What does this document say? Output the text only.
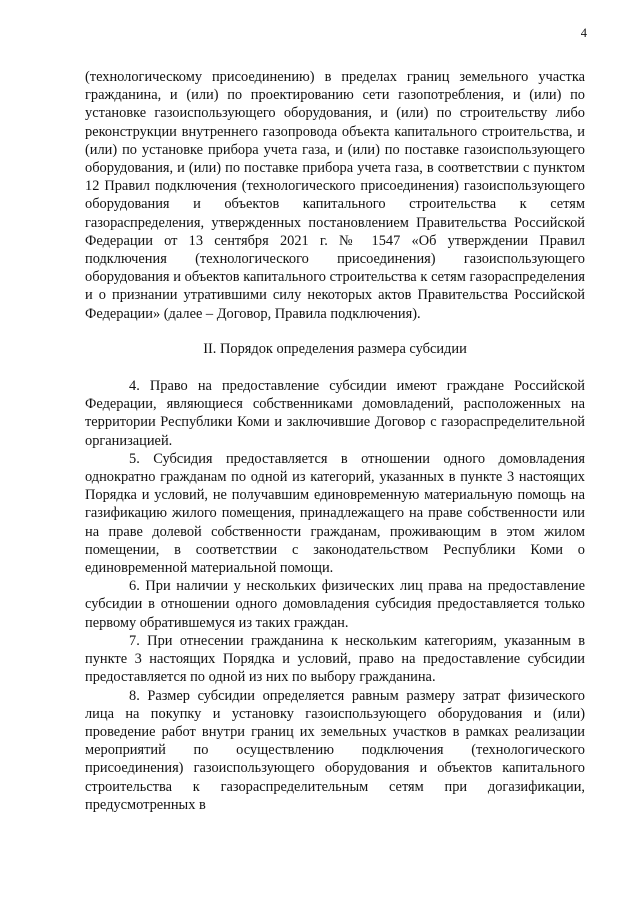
4

(технологическому присоединению) в пределах границ земельного участка гражданина, и (или) по проектированию сети газопотребления, и (или) по установке газоиспользующего оборудования, и (или) по строительству либо реконструкции внутреннего газопровода объекта капитального строительства, и (или) по установке прибора учета газа, и (или) по поставке газоиспользующего оборудования, и (или) по поставке прибора учета газа, в соответствии с пунктом 12 Правил подключения (технологического присоединения) газоиспользующего оборудования и объектов капитального строительства к сетям газораспределения, утвержденных постановлением Правительства Российской Федерации от 13 сентября 2021 г. № 1547 «Об утверждении Правил подключения (технологического присоединения) газоиспользующего оборудования и объектов капитального строительства к сетям газораспределения и о признании утратившими силу некоторых актов Правительства Российской Федерации» (далее – Договор, Правила подключения).

II. Порядок определения размера субсидии

4. Право на предоставление субсидии имеют граждане Российской Федерации, являющиеся собственниками домовладений, расположенных на территории Республики Коми и заключившие Договор с газораспределительной организацией.

5. Субсидия предоставляется в отношении одного домовладения однократно гражданам по одной из категорий, указанных в пункте 3 настоящих Порядка и условий, не получавшим единовременную материальную помощь на газификацию жилого помещения, принадлежащего на праве собственности или на праве долевой собственности гражданам, проживающим в этом жилом помещении, в соответствии с законодательством Республики Коми о единовременной материальной помощи.

6. При наличии у нескольких физических лиц права на предоставление субсидии в отношении одного домовладения субсидия предоставляется только первому обратившемуся из таких граждан.

7. При отнесении гражданина к нескольким категориям, указанным в пункте 3 настоящих Порядка и условий, право на предоставление субсидии предоставляется по одной из них по выбору гражданина.

8. Размер субсидии определяется равным размеру затрат физического лица на покупку и установку газоиспользующего оборудования и (или) проведение работ внутри границ их земельных участков в рамках реализации мероприятий по осуществлению подключения (технологического присоединения) газоиспользующего оборудования и объектов капитального строительства к газораспределительным сетям при догазификации, предусмотренных в
